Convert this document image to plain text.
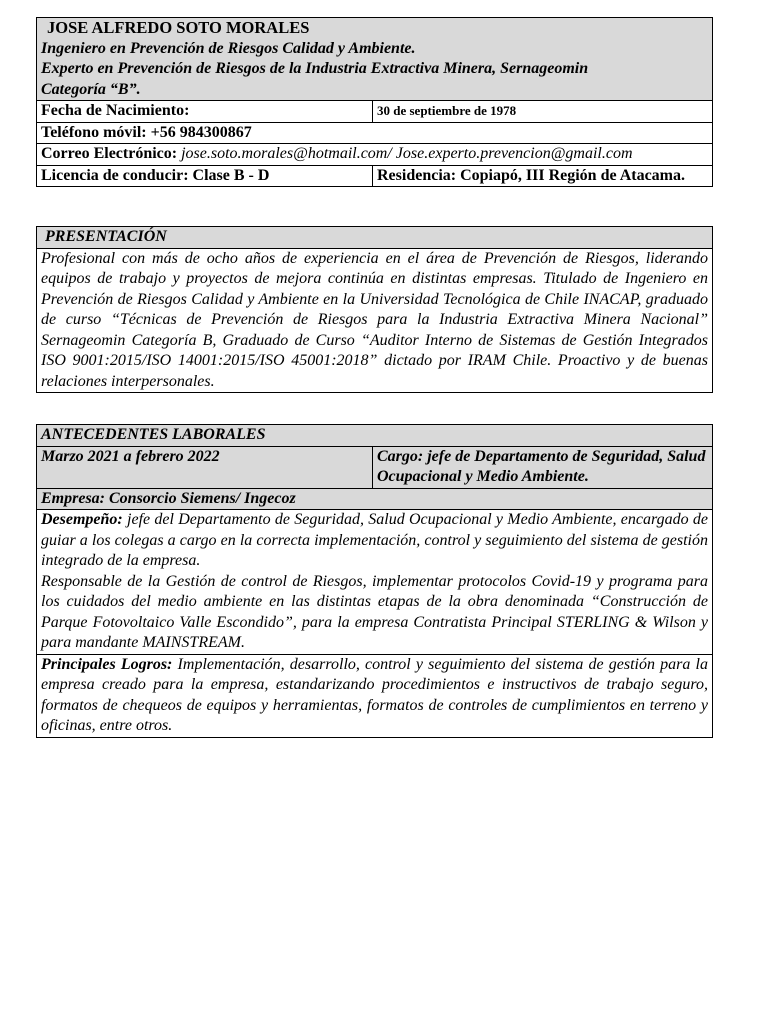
JOSE ALFREDO SOTO MORALES
Ingeniero en Prevención de Riesgos Calidad y Ambiente.
Experto en Prevención de Riesgos de la Industria Extractiva Minera, Sernageomin
Categoría “B”.	

Fecha de Nacimiento:	30 de septiembre de 1978
Teléfono móvil: +56 984300867	
Correo Electrónico: jose.soto.morales@hotmail.com/ Jose.experto.prevencion@gmail.com	
Licencia de conducir: Clase B - D	Residencia: Copiapó, III Región de Atacama.
PRESENTACIÓN
Profesional con más de ocho años de experiencia en el área de Prevención de Riesgos, liderando equipos de trabajo y proyectos de mejora continúa en distintas empresas. Titulado de Ingeniero en Prevención de Riesgos Calidad y Ambiente en la Universidad Tecnológica de Chile INACAP, graduado de curso “Técnicas de Prevención de Riesgos para la Industria Extractiva Minera Nacional” Sernageomin Categoría B, Graduado de Curso “Auditor Interno de Sistemas de Gestión Integrados ISO 9001:2015/ISO 14001:2015/ISO 45001:2018” dictado por IRAM Chile. Proactivo y de buenas relaciones interpersonales.
ANTECEDENTES LABORALES
Marzo 2021 a febrero 2022	Cargo: jefe de Departamento de Seguridad, Salud Ocupacional y Medio Ambiente.
Empresa: Consorcio Siemens/ Ingecoz

Desempeño: jefe del Departamento de Seguridad, Salud Ocupacional y Medio Ambiente, encargado de guiar a los colegas a cargo en la correcta implementación, control y seguimiento del sistema de gestión integrado de la empresa.
Responsable de la Gestión de control de Riesgos, implementar protocolos Covid-19 y programa para los cuidados del medio ambiente en las distintas etapas de la obra denominada “Construcción de Parque Fotovoltaico Valle Escondido”, para la empresa Contratista Principal STERLING & Wilson y para mandante MAINSTREAM.

Principales Logros: Implementación, desarrollo, control y seguimiento del sistema de gestión para la empresa creado para la empresa, estandarizando procedimientos e instructivos de trabajo seguro, formatos de chequeos de equipos y herramientas, formatos de controles de cumplimientos en terreno y oficinas, entre otros.
